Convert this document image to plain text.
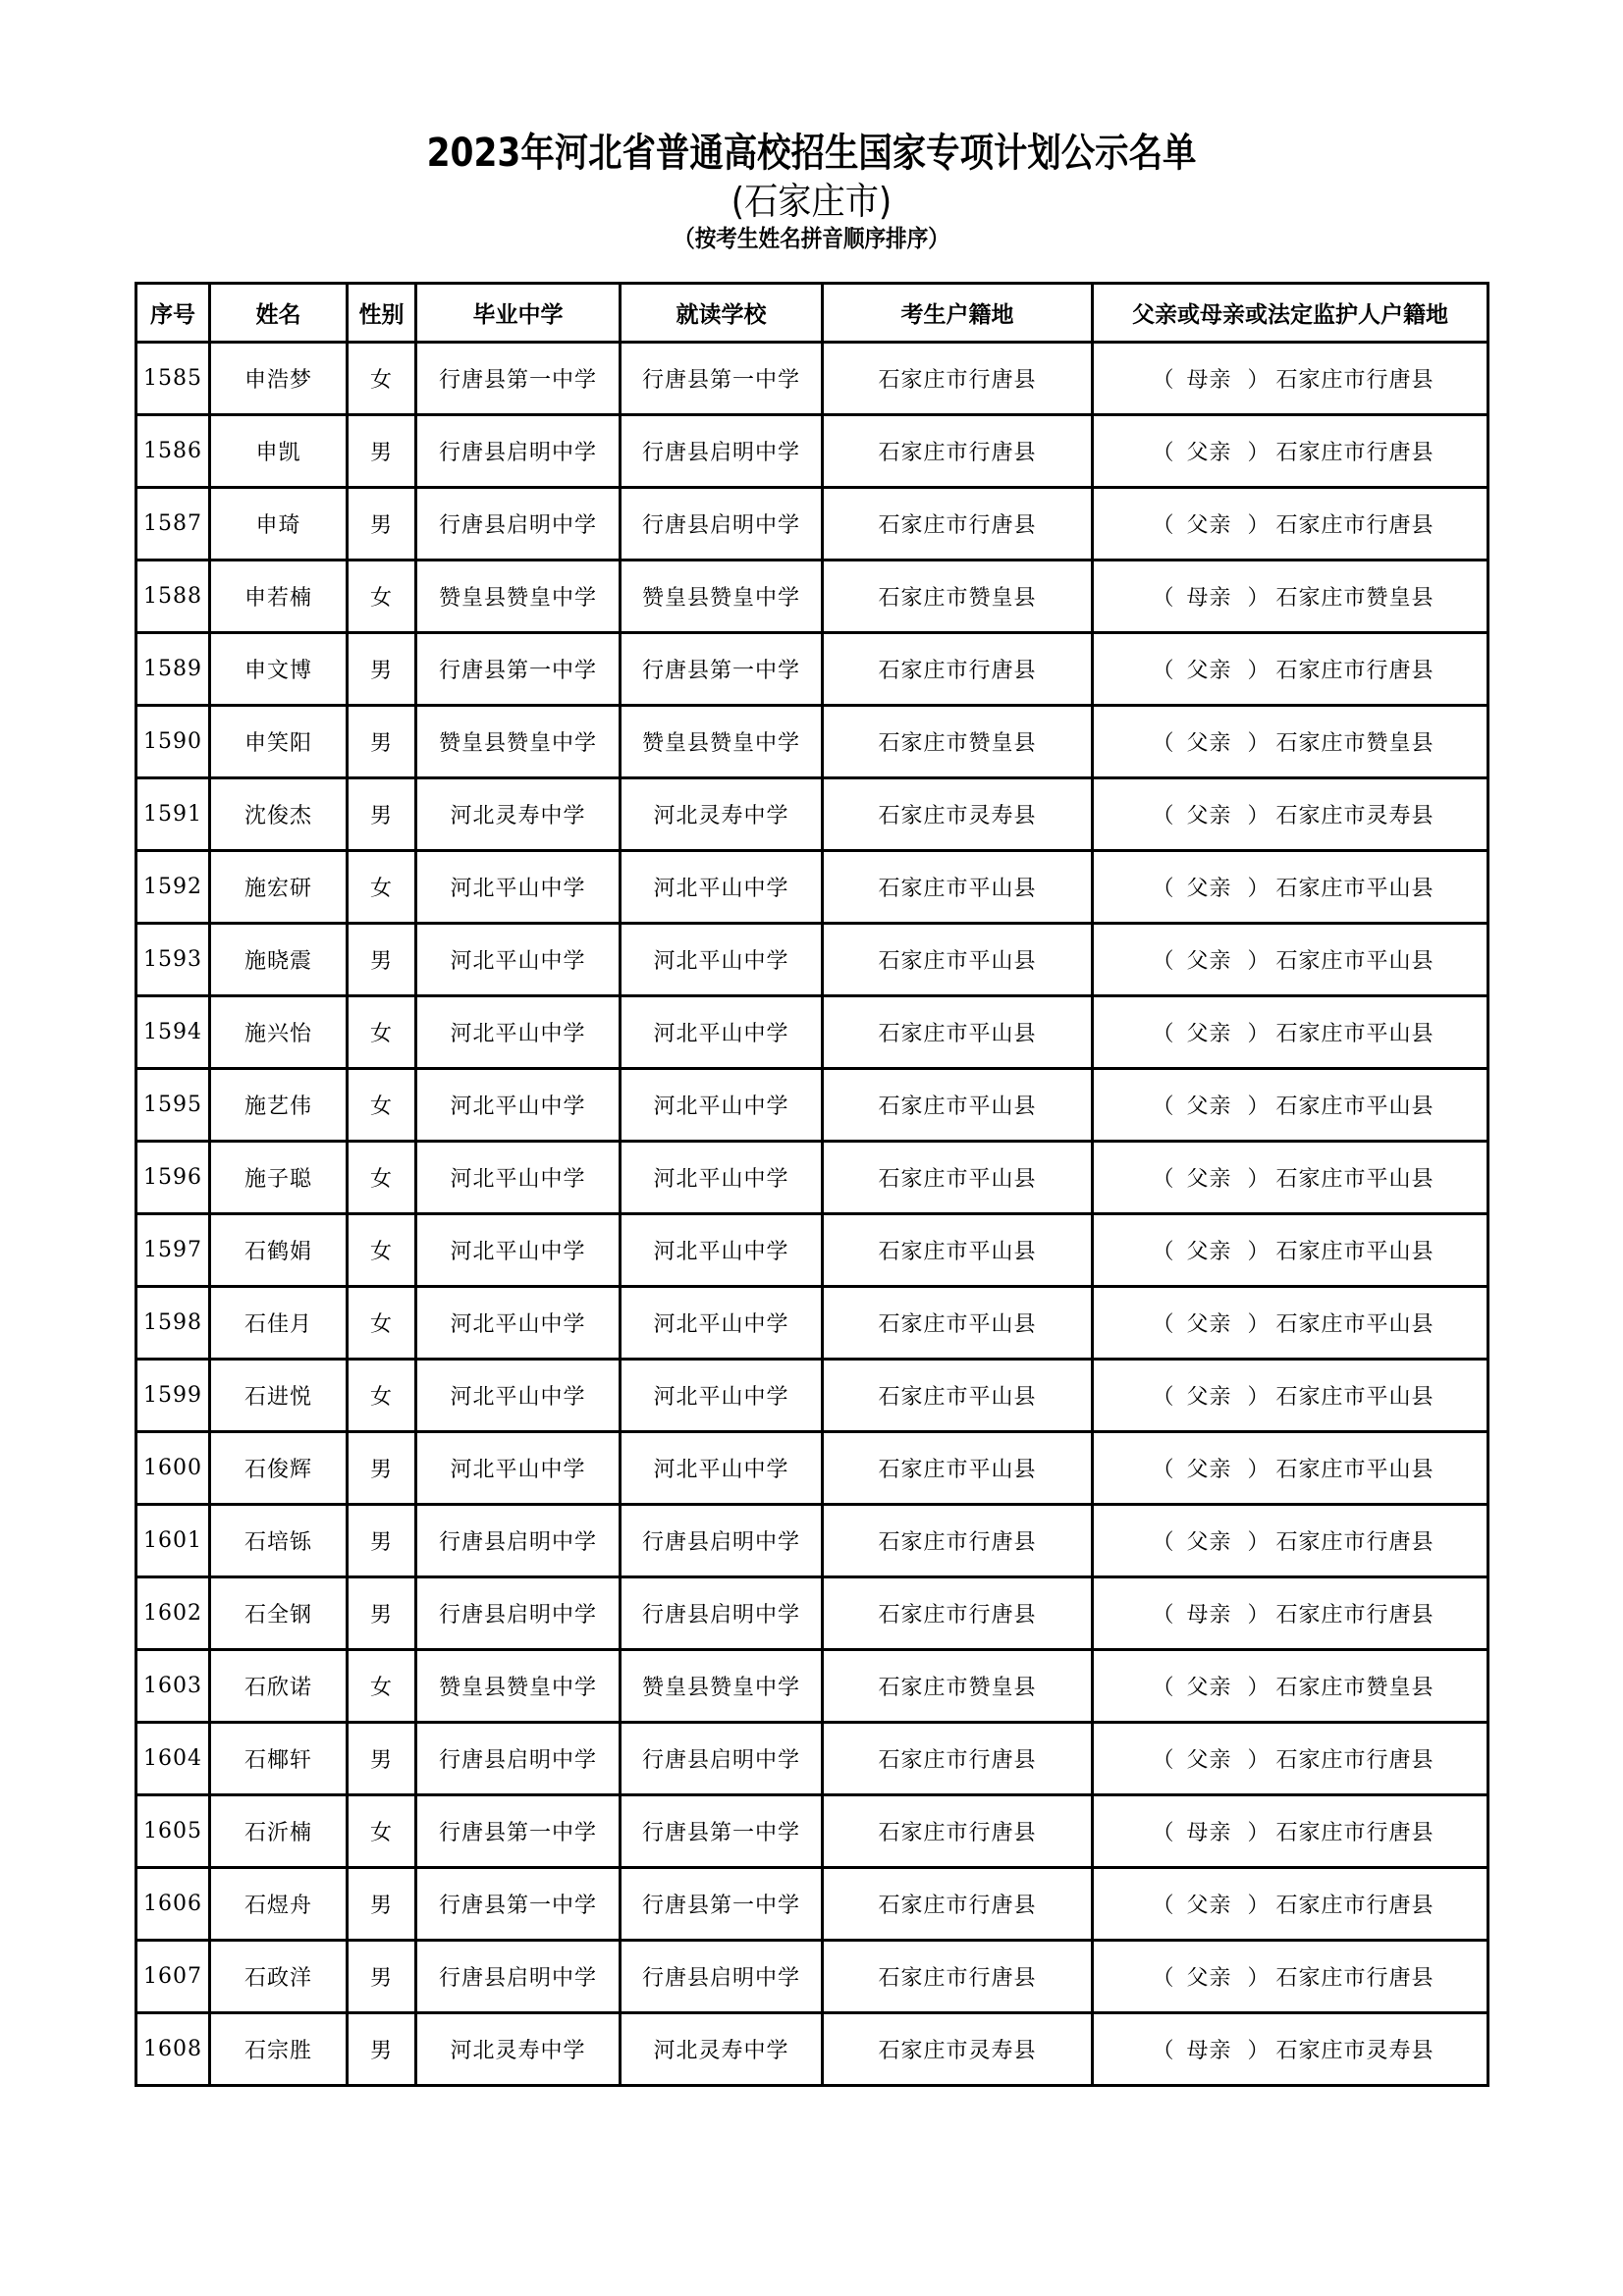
2023年河北省普通高校招生国家专项计划公示名单
(石家庄市)
（按考生姓名拼音顺序排序）
序号	姓名	性别	毕业中学	就读学校	考生户籍地	父亲或母亲或法定监护人户籍地
1585	申浩梦	女	行唐县第一中学	行唐县第一中学	石家庄市行唐县	（ 母亲 ） 石家庄市行唐县
1586	申凯	男	行唐县启明中学	行唐县启明中学	石家庄市行唐县	（ 父亲 ） 石家庄市行唐县
1587	申琦	男	行唐县启明中学	行唐县启明中学	石家庄市行唐县	（ 父亲 ） 石家庄市行唐县
1588	申若楠	女	赞皇县赞皇中学	赞皇县赞皇中学	石家庄市赞皇县	（ 母亲 ） 石家庄市赞皇县
1589	申文博	男	行唐县第一中学	行唐县第一中学	石家庄市行唐县	（ 父亲 ） 石家庄市行唐县
1590	申笑阳	男	赞皇县赞皇中学	赞皇县赞皇中学	石家庄市赞皇县	（ 父亲 ） 石家庄市赞皇县
1591	沈俊杰	男	河北灵寿中学	河北灵寿中学	石家庄市灵寿县	（ 父亲 ） 石家庄市灵寿县
1592	施宏研	女	河北平山中学	河北平山中学	石家庄市平山县	（ 父亲 ） 石家庄市平山县
1593	施晓震	男	河北平山中学	河北平山中学	石家庄市平山县	（ 父亲 ） 石家庄市平山县
1594	施兴怡	女	河北平山中学	河北平山中学	石家庄市平山县	（ 父亲 ） 石家庄市平山县
1595	施艺伟	女	河北平山中学	河北平山中学	石家庄市平山县	（ 父亲 ） 石家庄市平山县
1596	施子聪	女	河北平山中学	河北平山中学	石家庄市平山县	（ 父亲 ） 石家庄市平山县
1597	石鹤娟	女	河北平山中学	河北平山中学	石家庄市平山县	（ 父亲 ） 石家庄市平山县
1598	石佳月	女	河北平山中学	河北平山中学	石家庄市平山县	（ 父亲 ） 石家庄市平山县
1599	石进悦	女	河北平山中学	河北平山中学	石家庄市平山县	（ 父亲 ） 石家庄市平山县
1600	石俊辉	男	河北平山中学	河北平山中学	石家庄市平山县	（ 父亲 ） 石家庄市平山县
1601	石培铄	男	行唐县启明中学	行唐县启明中学	石家庄市行唐县	（ 父亲 ） 石家庄市行唐县
1602	石全钢	男	行唐县启明中学	行唐县启明中学	石家庄市行唐县	（ 母亲 ） 石家庄市行唐县
1603	石欣诺	女	赞皇县赞皇中学	赞皇县赞皇中学	石家庄市赞皇县	（ 父亲 ） 石家庄市赞皇县
1604	石椰轩	男	行唐县启明中学	行唐县启明中学	石家庄市行唐县	（ 父亲 ） 石家庄市行唐县
1605	石沂楠	女	行唐县第一中学	行唐县第一中学	石家庄市行唐县	（ 母亲 ） 石家庄市行唐县
1606	石煜舟	男	行唐县第一中学	行唐县第一中学	石家庄市行唐县	（ 父亲 ） 石家庄市行唐县
1607	石政洋	男	行唐县启明中学	行唐县启明中学	石家庄市行唐县	（ 父亲 ） 石家庄市行唐县
1608	石宗胜	男	河北灵寿中学	河北灵寿中学	石家庄市灵寿县	（ 母亲 ） 石家庄市灵寿县
